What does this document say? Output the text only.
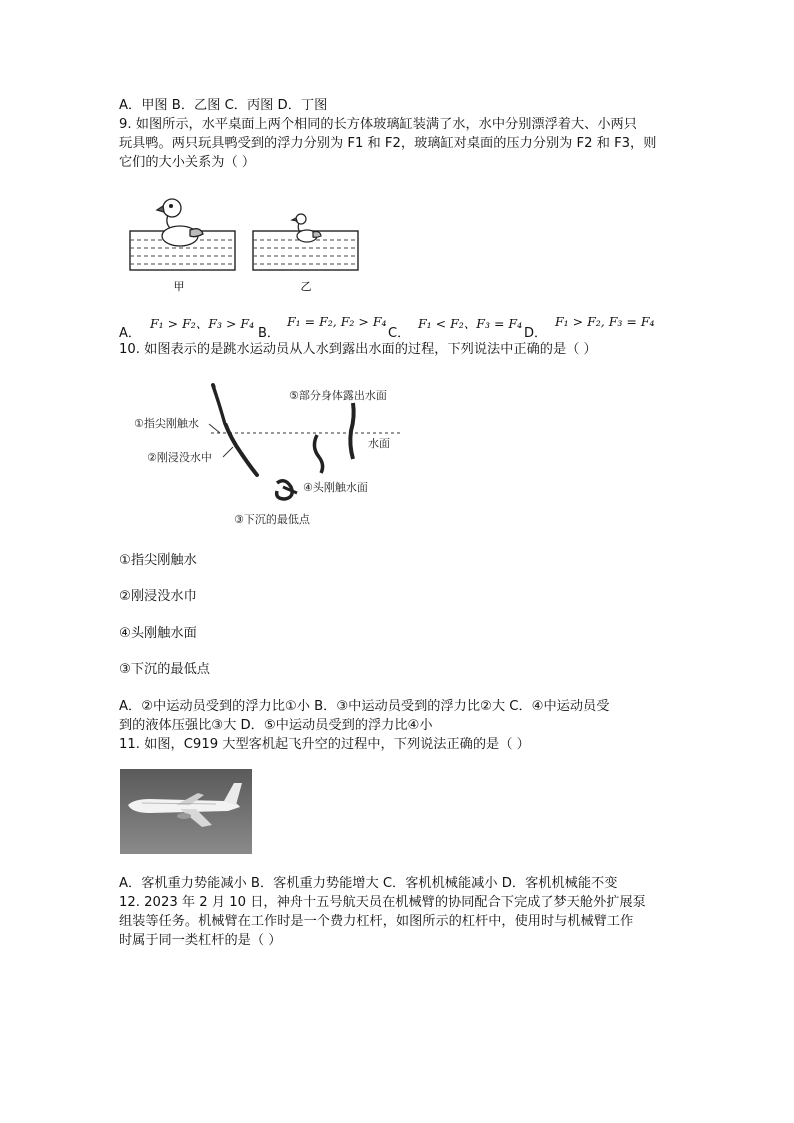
A．甲图 B．乙图 C．丙图 D．丁图
9. 如图所示，水平桌面上两个相同的长方体玻璃缸装满了水，水中分别漂浮着大、小两只
玩具鸭。两只玩具鸭受到的浮力分别为 F1 和 F2，玻璃缸对桌面的压力分别为 F2 和 F3，则
它们的大小关系为（ ）
甲	乙
A．
F₁ > F₂、F₃ > F₄
B．
F₁ = F₂, F₂ > F₄
C．
F₁ < F₂、F₃ = F₄
D．
F₁ > F₂, F₃ = F₄
10. 如图表示的是跳水运动员从人水到露出水面的过程，下列说法中正确的是（ ）
①指尖刚触水
②刚浸没水中
③下沉的最低点
④头刚触水面
⑤部分身体露出水面
水面
①指尖刚触水
②刚浸没水巾
④头刚触水面
③下沉的最低点
A．②中运动员受到的浮力比①小 B．③中运动员受到的浮力比②大 C．④中运动员受
到的液体压强比③大 D．⑤中运动员受到的浮力比④小
11. 如图，C919 大型客机起飞升空的过程中，下列说法正确的是（ ）
A．客机重力势能减小 B．客机重力势能增大 C．客机机械能减小 D．客机机械能不变
12. 2023 年 2 月 10 日，神舟十五号航天员在机械臂的协同配合下完成了梦天舱外扩展泵
组装等任务。机械臂在工作时是一个费力杠杆，如图所示的杠杆中，使用时与机械臂工作
时属于同一类杠杆的是（ ）
